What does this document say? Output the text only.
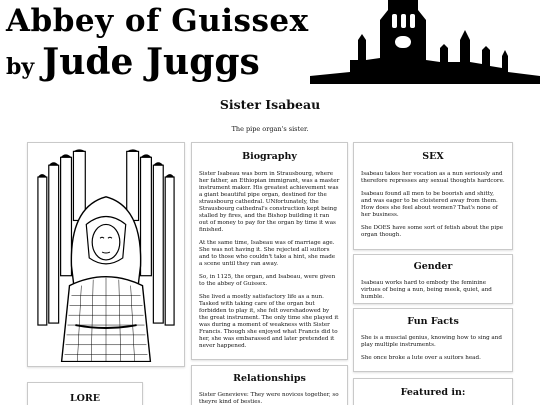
Abbey of Guissex
by Jude Juggs
Sister Isabeau
The pipe organ's sister.
LORE
Biography

Sister Isabeau was born in Strausbourg, where her father, an Ethiopian immigrant, was a master instrument maker. His greatest achievement was a giant beautiful pipe organ, destined for the strausbourg cathedral. UNfortunately, the Strausbourg cathedral's construction kept being stalled by fires, and the Bishop building it ran out of money to pay for the organ by time it was finished.

At the same time, Isabeau was of marriage age. She was not having it. She rejected all suitors and to those who couldn't take a hint, she made a scene until they ran away.

So, in 1125, the organ, and Isabeau, were given to the abbey of Guissex.

She lived a mostly satisfactory life as a nun. Tasked with taking care of the organ but forbidden to play it, she felt overshadowed by the great instrument. The only time she played it was during a moment of weakness with Sister Francis. Though she enjoyed what Francis did to her, she was embarassed and later pretended it never happened.

Relationships

Sister Genevieve: They were novices together, so theyre kind of besties.

SEX

Isabeau takes her vocation as a nun seriously and therefore represses any sexual thoughts hardcore.

Isabeau found all men to be boorish and shitty, and was eager to be cloistered away from them. How does she feel about women? That's none of her business.

She DOES have some sort of fetish about the pipe organ though.

Gender

Isabeau works hard to embody the feminine virtues of being a nun, being meek, quiet, and humble.

Fun Facts

She is a muscial genius, knowing how to sing and play multiple instruments.

She once broke a lute over a suitors head.

Featured in:
